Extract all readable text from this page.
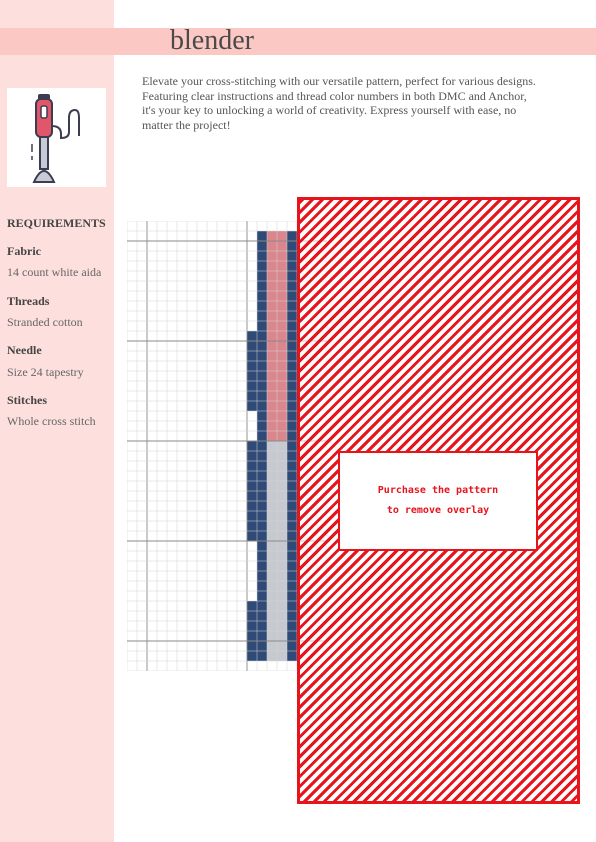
blender

Elevate your cross-stitching with our versatile pattern, perfect for various designs. Featuring clear instructions and thread color numbers in both DMC and Anchor, it's your key to unlocking a world of creativity. Express yourself with ease, no matter the project!

REQUIREMENTS
Fabric
14 count white aida
Threads
Stranded cotton
Needle
Size 24 tapestry
Stitches
Whole cross stitch
Purchase the pattern
to remove overlay
